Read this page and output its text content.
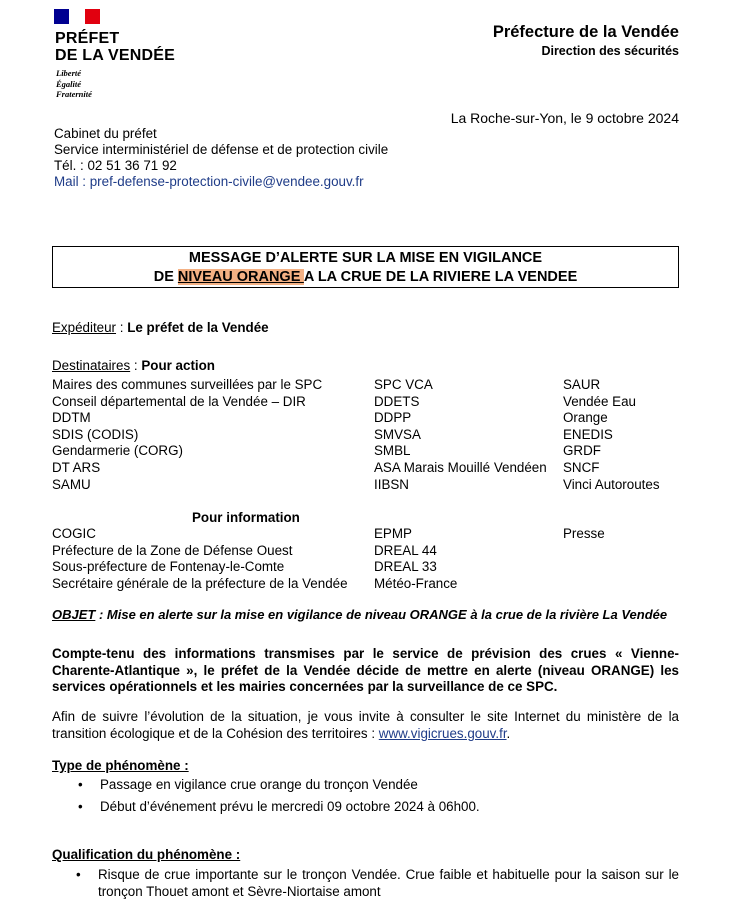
PRÉFET
DE LA VENDÉE
Liberté
Égalité
Fraternité
Préfecture de la Vendée
Direction des sécurités
La Roche-sur-Yon, le 9 octobre 2024
Cabinet du préfet
Service interministériel de défense et de protection civile
Tél. : 02 51 36 71 92
Mail : pref-defense-protection-civile@vendee.gouv.fr
MESSAGE D’ALERTE SUR LA MISE EN VIGILANCE
DE NIVEAU ORANGE A LA CRUE DE LA RIVIERE LA VENDEE
Expéditeur : Le préfet de la Vendée
Destinataires : Pour action
Maires des communes surveillées par le SPC
Conseil départemental de la Vendée – DIR
DDTM
SDIS (CODIS)
Gendarmerie (CORG)
DT ARS
SAMU
SPC VCA
DDETS
DDPP
SMVSA
SMBL
ASA Marais Mouillé Vendéen
IIBSN
SAUR
Vendée Eau
Orange
ENEDIS
GRDF
SNCF
Vinci Autoroutes
Pour information
COGIC
Préfecture de la Zone de Défense Ouest
Sous-préfecture de Fontenay-le-Comte
Secrétaire générale de la préfecture de la Vendée
EPMP
DREAL 44
DREAL 33
Météo-France
Presse
OBJET : Mise en alerte sur la mise en vigilance de niveau ORANGE à la crue de la rivière La Vendée
Compte-tenu des informations transmises par le service de prévision des crues « Vienne-Charente-Atlantique », le préfet de la Vendée décide de mettre en alerte (niveau ORANGE) les services opérationnels et les mairies concernées par la surveillance de ce SPC.
Afin de suivre l’évolution de la situation, je vous invite à consulter le site Internet du ministère de la transition écologique et de la Cohésion des territoires : www.vigicrues.gouv.fr.
Type de phénomène :
• Passage en vigilance crue orange du tronçon Vendée
• Début d’événement prévu le mercredi 09 octobre 2024 à 06h00.
Qualification du phénomène :
• Risque de crue importante sur le tronçon Vendée. Crue faible et habituelle pour la saison sur le tronçon Thouet amont et Sèvre-Niortaise amont
